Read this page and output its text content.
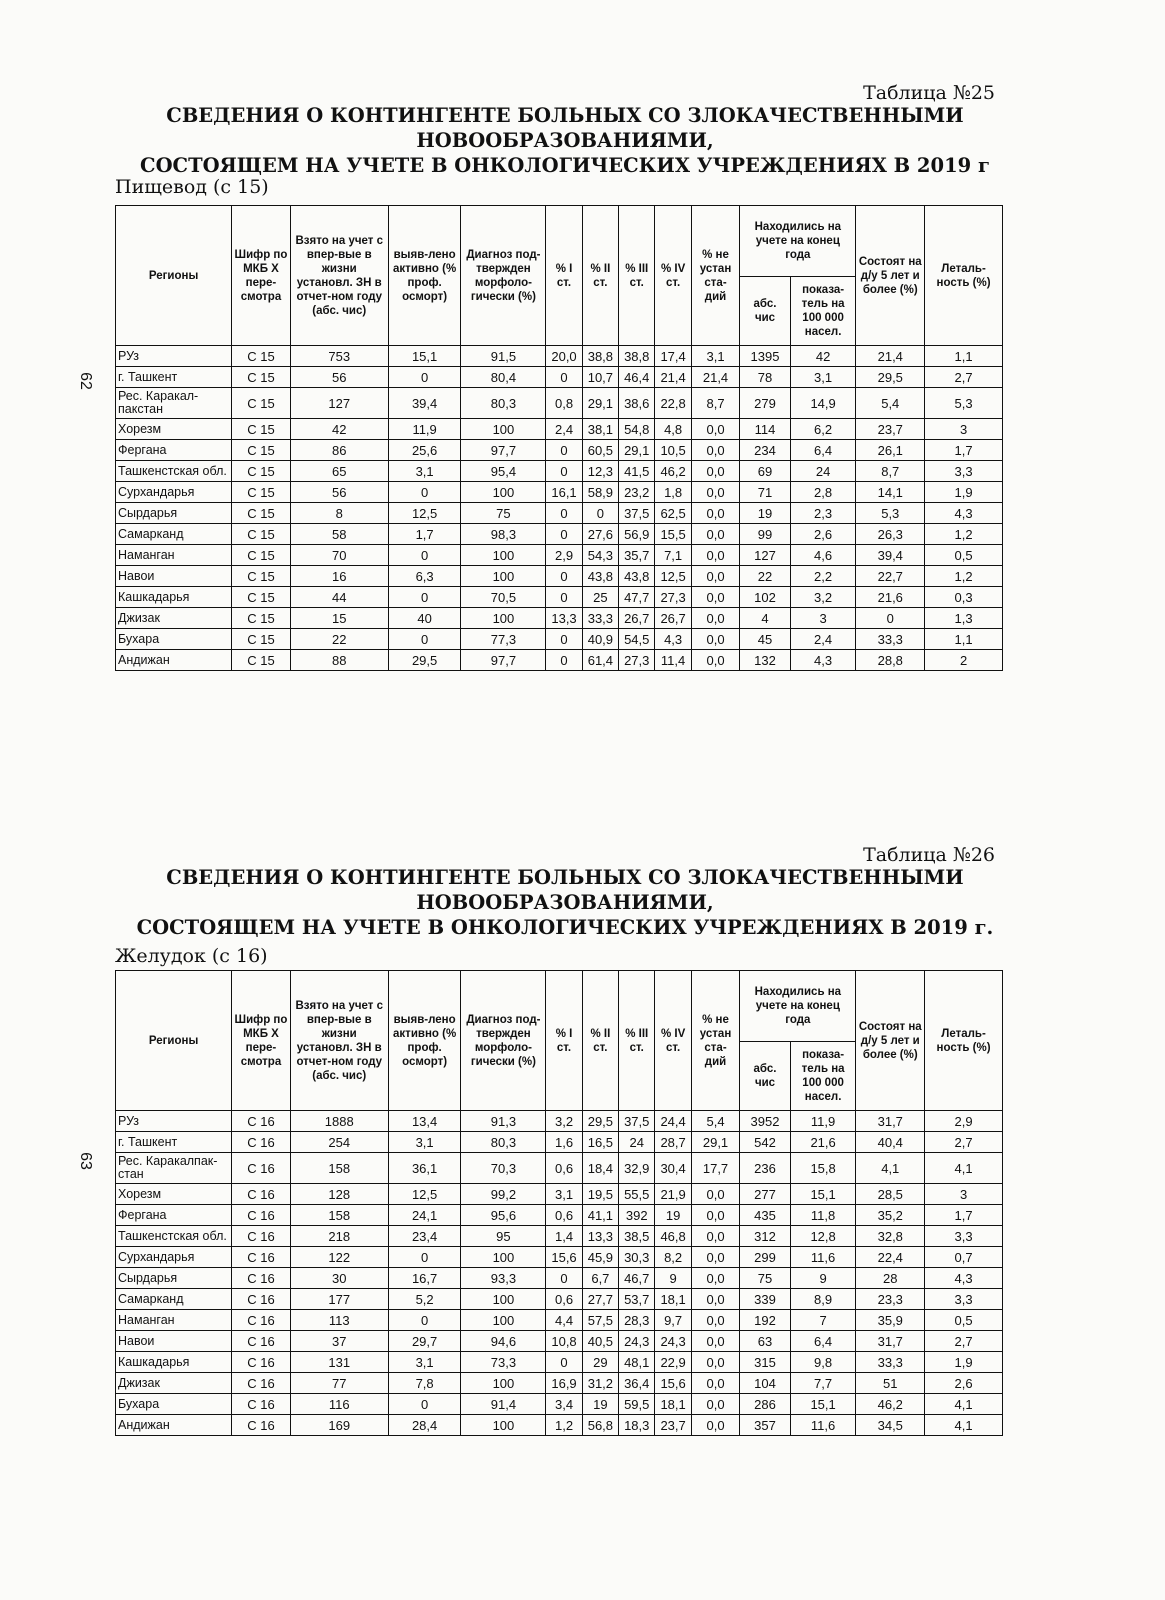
Таблица №25
СВЕДЕНИЯ О КОНТИНГЕНТЕ БОЛЬНЫХ СО ЗЛОКАЧЕСТВЕННЫМИ НОВООБРАЗОВАНИЯМИ,
СОСТОЯЩЕМ НА УЧЕТЕ В ОНКОЛОГИЧЕСКИХ УЧРЕЖДЕНИЯХ В 2019 г
Пищевод (с 15)
62
Регионы	Шифр по МКБ Х пере-смотра	Взято на учет с впер-вые в жизни установл. ЗН в отчет-ном году (абс. чис)	выяв-лено активно (% проф. осморт)	Диагноз под-твержден морфоло-гически (%)	% I ст.	% II ст.	% III ст.	% IV ст.	% не устан ста-дий	Находились на учете на конец года		Состоят на д/у 5 лет и более (%)	Леталь-ность (%)
										абс. чис	показа-тель на 100 000 насел.		
РУз	С 15	753	15,1	91,5	20,0	38,8	38,8	17,4	3,1	1395	42	21,4	1,1
г. Ташкент	С 15	56	0	80,4	0	10,7	46,4	21,4	21,4	78	3,1	29,5	2,7
Рес. Каракал-пакстан	С 15	127	39,4	80,3	0,8	29,1	38,6	22,8	8,7	279	14,9	5,4	5,3
Хорезм	С 15	42	11,9	100	2,4	38,1	54,8	4,8	0,0	114	6,2	23,7	3
Фергана	С 15	86	25,6	97,7	0	60,5	29,1	10,5	0,0	234	6,4	26,1	1,7
Ташкенстская обл.	С 15	65	3,1	95,4	0	12,3	41,5	46,2	0,0	69	24	8,7	3,3
Сурхандарья	С 15	56	0	100	16,1	58,9	23,2	1,8	0,0	71	2,8	14,1	1,9
Сырдарья	С 15	8	12,5	75	0	0	37,5	62,5	0,0	19	2,3	5,3	4,3
Самарканд	С 15	58	1,7	98,3	0	27,6	56,9	15,5	0,0	99	2,6	26,3	1,2
Наманган	С 15	70	0	100	2,9	54,3	35,7	7,1	0,0	127	4,6	39,4	0,5
Навои	С 15	16	6,3	100	0	43,8	43,8	12,5	0,0	22	2,2	22,7	1,2
Кашкадарья	С 15	44	0	70,5	0	25	47,7	27,3	0,0	102	3,2	21,6	0,3
Джизак	С 15	15	40	100	13,3	33,3	26,7	26,7	0,0	4	3	0	1,3
Бухара	С 15	22	0	77,3	0	40,9	54,5	4,3	0,0	45	2,4	33,3	1,1
Андижан	С 15	88	29,5	97,7	0	61,4	27,3	11,4	0,0	132	4,3	28,8	2
Таблица №26
СВЕДЕНИЯ О КОНТИНГЕНТЕ БОЛЬНЫХ СО ЗЛОКАЧЕСТВЕННЫМИ НОВООБРАЗОВАНИЯМИ,
СОСТОЯЩЕМ НА УЧЕТЕ В ОНКОЛОГИЧЕСКИХ УЧРЕЖДЕНИЯХ В 2019 г.
Желудок (с 16)
63
Регионы	Шифр по МКБ Х пере-смотра	Взято на учет с впер-вые в жизни установл. ЗН в отчет-ном году (абс. чис)	выяв-лено активно (% проф. осморт)	Диагноз под-твержден морфоло-гически (%)	% I ст.	% II ст.	% III ст.	% IV ст.	% не устан ста-дий	Находились на учете на конец года		Состоят на д/у 5 лет и более (%)	Леталь-ность (%)
										абс. чис	показа-тель на 100 000 насел.		
РУз	С 16	1888	13,4	91,3	3,2	29,5	37,5	24,4	5,4	3952	11,9	31,7	2,9
г. Ташкент	С 16	254	3,1	80,3	1,6	16,5	24	28,7	29,1	542	21,6	40,4	2,7
Рес. Каракалпак-стан	С 16	158	36,1	70,3	0,6	18,4	32,9	30,4	17,7	236	15,8	4,1	4,1
Хорезм	С 16	128	12,5	99,2	3,1	19,5	55,5	21,9	0,0	277	15,1	28,5	3
Фергана	С 16	158	24,1	95,6	0,6	41,1	392	19	0,0	435	11,8	35,2	1,7
Ташкенстская обл.	С 16	218	23,4	95	1,4	13,3	38,5	46,8	0,0	312	12,8	32,8	3,3
Сурхандарья	С 16	122	0	100	15,6	45,9	30,3	8,2	0,0	299	11,6	22,4	0,7
Сырдарья	С 16	30	16,7	93,3	0	6,7	46,7	9	0,0	75	9	28	4,3
Самарканд	С 16	177	5,2	100	0,6	27,7	53,7	18,1	0,0	339	8,9	23,3	3,3
Наманган	С 16	113	0	100	4,4	57,5	28,3	9,7	0,0	192	7	35,9	0,5
Навои	С 16	37	29,7	94,6	10,8	40,5	24,3	24,3	0,0	63	6,4	31,7	2,7
Кашкадарья	С 16	131	3,1	73,3	0	29	48,1	22,9	0,0	315	9,8	33,3	1,9
Джизак	С 16	77	7,8	100	16,9	31,2	36,4	15,6	0,0	104	7,7	51	2,6
Бухара	С 16	116	0	91,4	3,4	19	59,5	18,1	0,0	286	15,1	46,2	4,1
Андижан	С 16	169	28,4	100	1,2	56,8	18,3	23,7	0,0	357	11,6	34,5	4,1
